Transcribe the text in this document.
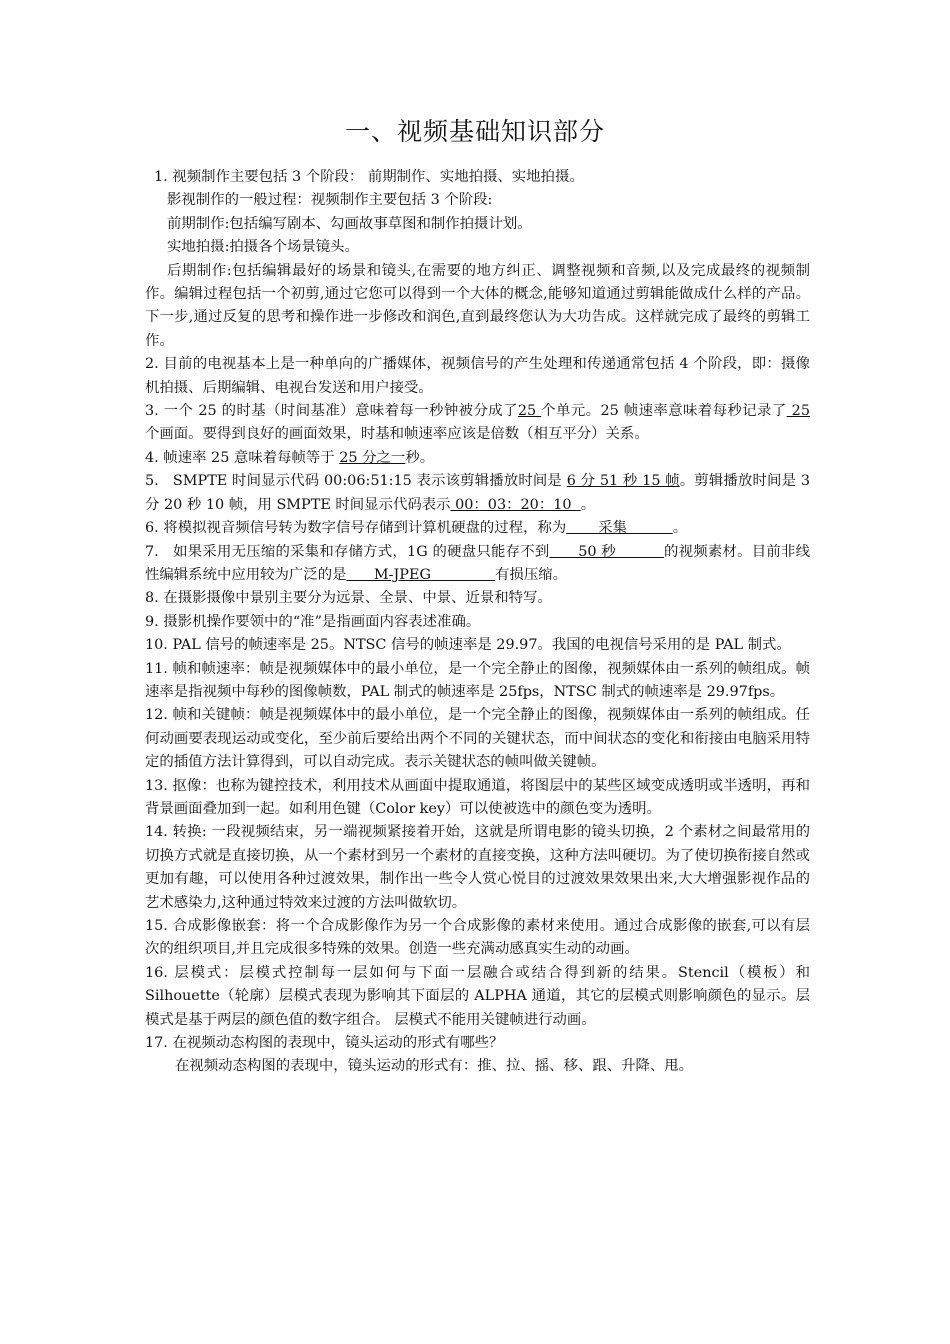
一、视频基础知识部分

1. 视频制作主要包括 3 个阶段： 前期制作、实地拍摄、实地拍摄。

影视制作的一般过程：视频制作主要包括 3 个阶段:

前期制作:包括编写剧本、勾画故事草图和制作拍摄计划。

实地拍摄:拍摄各个场景镜头。

后期制作:包括编辑最好的场景和镜头,在需要的地方纠正、调整视频和音频,以及完成最终的视频制作。编辑过程包括一个初剪,通过它您可以得到一个大体的概念,能够知道通过剪辑能做成什么样的产品。下一步,通过反复的思考和操作进一步修改和润色,直到最终您认为大功告成。这样就完成了最终的剪辑工作。

2. 目前的电视基本上是一种单向的广播媒体，视频信号的产生处理和传递通常包括 4 个阶段，即：摄像机拍摄、后期编辑、电视台发送和用户接受。

3. 一个 25 的时基（时间基准）意味着每一秒钟被分成了25 个单元。25 帧速率意味着每秒记录了 25 个画面。要得到良好的画面效果，时基和帧速率应该是倍数（相互平分）关系。

4. 帧速率 25 意味着每帧等于 25 分之一秒。

5.   SMPTE 时间显示代码 00:06:51:15 表示该剪辑播放时间是 6 分 51 秒 15 帧。剪辑播放时间是 3 分 20 秒 10 帧，用 SMPTE 时间显示代码表示 00：03：20：10  。

6. 将模拟视音频信号转为数字信号存储到计算机硬盘的过程，称为       采集          。

7.   如果采用无压缩的采集和存储方式，1G 的硬盘只能存不到      50 秒          的视频素材。目前非线性编辑系统中应用较为广泛的是      M-JPEG              有损压缩。

8. 在摄影摄像中景别主要分为远景、全景、中景、近景和特写。

9. 摄影机操作要领中的“准”是指画面内容表述准确。

10. PAL 信号的帧速率是 25。NTSC 信号的帧速率是 29.97。我国的电视信号采用的是 PAL 制式。

11. 帧和帧速率：帧是视频媒体中的最小单位，是一个完全静止的图像，视频媒体由一系列的帧组成。帧速率是指视频中每秒的图像帧数，PAL 制式的帧速率是 25fps，NTSC 制式的帧速率是 29.97fps。

12. 帧和关键帧：帧是视频媒体中的最小单位，是一个完全静止的图像，视频媒体由一系列的帧组成。任何动画要表现运动或变化，至少前后要给出两个不同的关键状态，而中间状态的变化和衔接由电脑采用特定的插值方法计算得到，可以自动完成。表示关键状态的帧叫做关键帧。

13. 抠像：也称为键控技术，利用技术从画面中提取通道，将图层中的某些区域变成透明或半透明，再和背景画面叠加到一起。如利用色键（Color key）可以使被选中的颜色变为透明。

14. 转换: 一段视频结束，另一端视频紧接着开始，这就是所谓电影的镜头切换，2 个素材之间最常用的切换方式就是直接切换，从一个素材到另一个素材的直接变换，这种方法叫硬切。为了使切换衔接自然或更加有趣，可以使用各种过渡效果，制作出一些令人赏心悦目的过渡效果效果出来,大大增强影视作品的艺术感染力,这种通过特效来过渡的方法叫做软切。

15. 合成影像嵌套：将一个合成影像作为另一个合成影像的素材来使用。通过合成影像的嵌套,可以有层次的组织项目,并且完成很多特殊的效果。创造一些充满动感真实生动的动画。

16. 层模式：层模式控制每一层如何与下面一层融合或结合得到新的结果。Stencil（模板）和 Silhouette（轮廓）层模式表现为影响其下面层的 ALPHA 通道，其它的层模式则影响颜色的显示。层模式是基于两层的颜色值的数字组合。 层模式不能用关键帧进行动画。

17. 在视频动态构图的表现中，镜头运动的形式有哪些？

在视频动态构图的表现中，镜头运动的形式有：推、拉、摇、移、跟、升降、甩。
